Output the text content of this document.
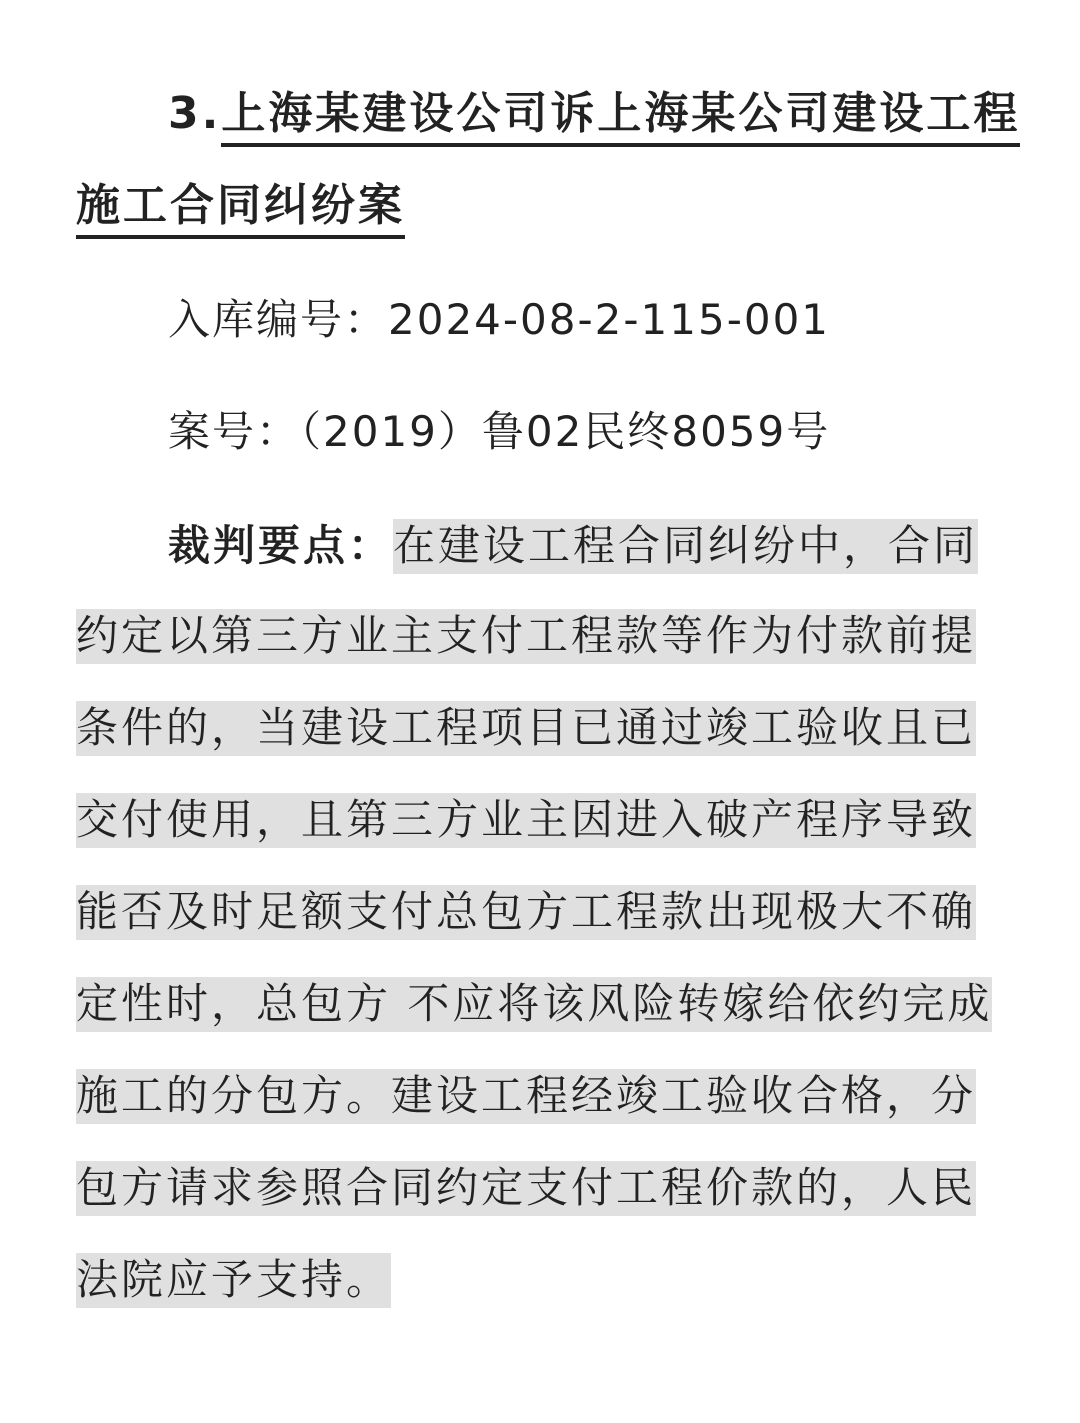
3.上海某建设公司诉上海某公司建设工程
施工合同纠纷案
入库编号：2024-08-2-115-001
案号：（2019）鲁02民终8059号
裁判要点：在建设工程合同纠纷中，合同
约定以第三方业主支付工程款等作为付款前提
条件的，当建设工程项目已通过竣工验收且已
交付使用，且第三方业主因进入破产程序导致
能否及时足额支付总包方工程款出现极大不确
定性时，总包方 不应将该风险转嫁给依约完成
施工的分包方。建设工程经竣工验收合格，分
包方请求参照合同约定支付工程价款的，人民
法院应予支持。
